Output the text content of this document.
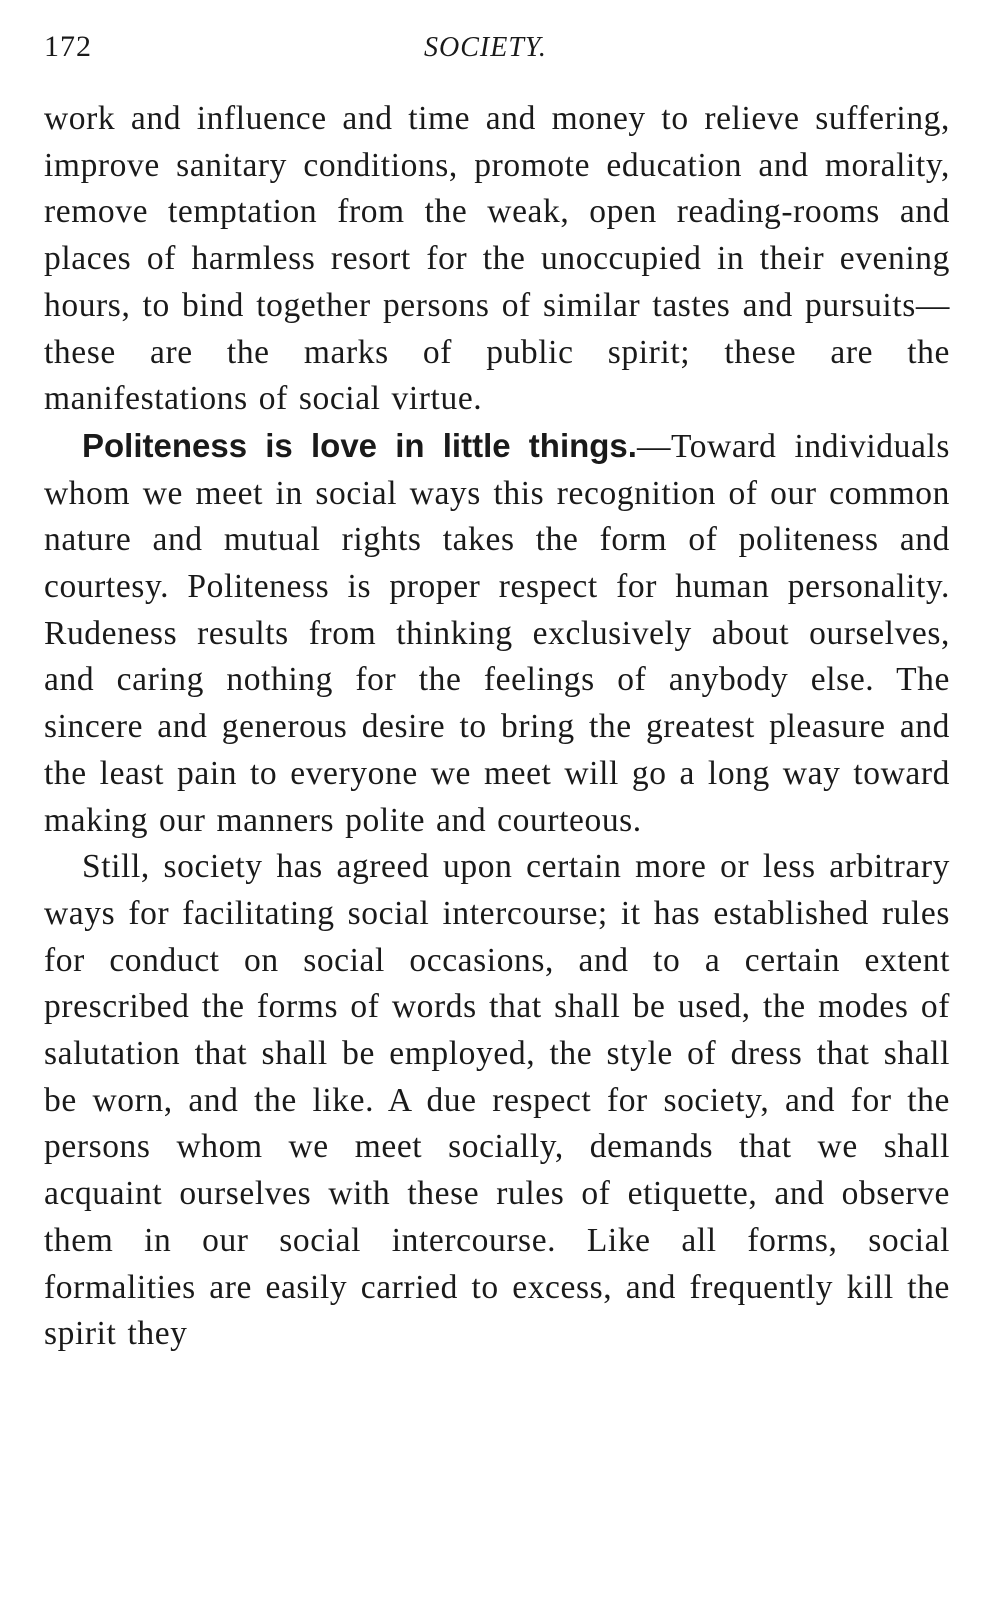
172	SOCIETY.

work and influence and time and money to relieve suffering, improve sanitary conditions, promote education and morality, remove temptation from the weak, open reading-rooms and places of harmless resort for the unoccupied in their evening hours, to bind together persons of similar tastes and pursuits—these are the marks of public spirit; these are the manifestations of social virtue.

Politeness is love in little things.—Toward individuals whom we meet in social ways this recognition of our common nature and mutual rights takes the form of politeness and courtesy. Politeness is proper respect for human personality. Rudeness results from thinking exclusively about ourselves, and caring nothing for the feelings of anybody else. The sincere and generous desire to bring the greatest pleasure and the least pain to everyone we meet will go a long way toward making our manners polite and courteous.

Still, society has agreed upon certain more or less arbitrary ways for facilitating social intercourse; it has established rules for conduct on social occasions, and to a certain extent prescribed the forms of words that shall be used, the modes of salutation that shall be employed, the style of dress that shall be worn, and the like. A due respect for society, and for the persons whom we meet socially, demands that we shall acquaint ourselves with these rules of etiquette, and observe them in our social intercourse. Like all forms, social formalities are easily carried to excess, and frequently kill the spirit they
